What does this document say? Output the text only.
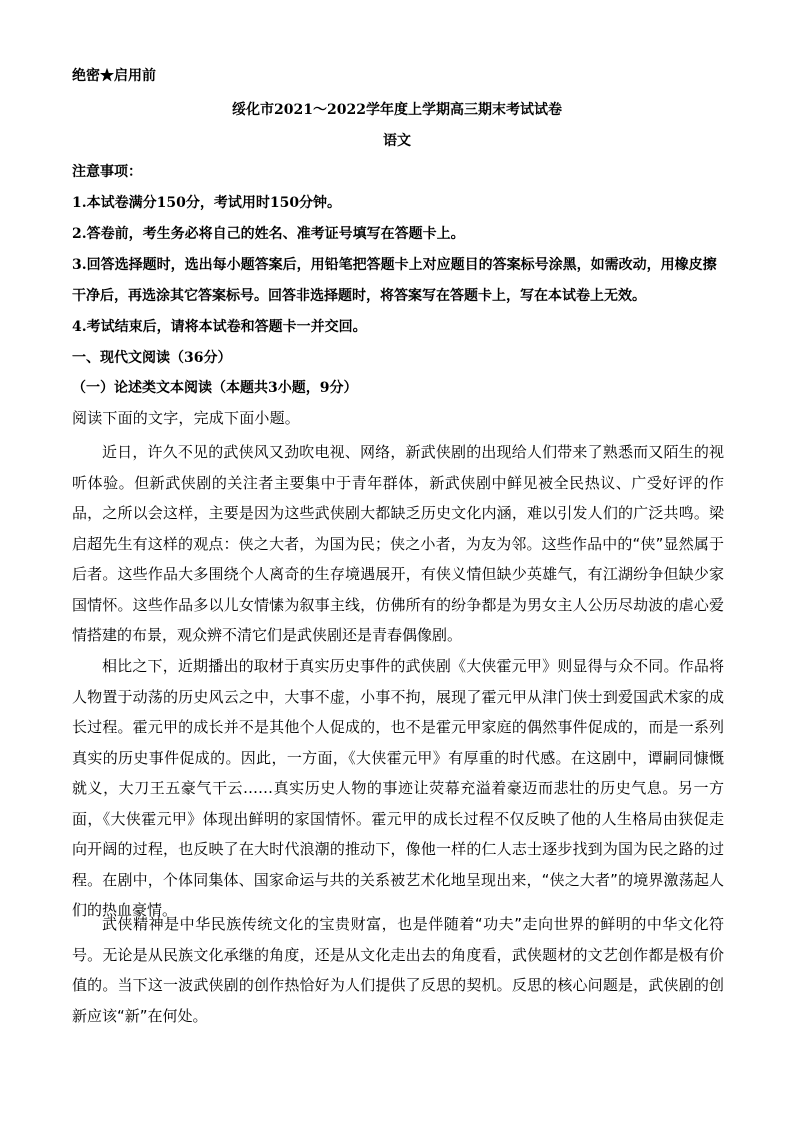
绝密★启用前
绥化市2021～2022学年度上学期高三期末考试试卷
语文
注意事项：
1.本试卷满分150分，考试用时150分钟。
2.答卷前，考生务必将自己的姓名、准考证号填写在答题卡上。
3.回答选择题时，选出每小题答案后，用铅笔把答题卡上对应题目的答案标号涂黑，如需改动，用橡皮擦
干净后，再选涂其它答案标号。回答非选择题时，将答案写在答题卡上，写在本试卷上无效。
4.考试结束后，请将本试卷和答题卡一并交回。
一、现代文阅读（36分）
（一）论述类文本阅读（本题共3小题，9分）
阅读下面的文字，完成下面小题。

近日，许久不见的武侠风又劲吹电视、网络，新武侠剧的出现给人们带来了熟悉而又陌生的视听体验。但新武侠剧的关注者主要集中于青年群体，新武侠剧中鲜见被全民热议、广受好评的作品，之所以会这样，主要是因为这些武侠剧大都缺乏历史文化内涵，难以引发人们的广泛共鸣。梁启超先生有这样的观点：侠之大者，为国为民；侠之小者，为友为邻。这些作品中的“侠”显然属于后者。这些作品大多围绕个人离奇的生存境遇展开，有侠义情但缺少英雄气，有江湖纷争但缺少家国情怀。这些作品多以儿女情愫为叙事主线，仿佛所有的纷争都是为男女主人公历尽劫波的虐心爱情搭建的布景，观众辨不清它们是武侠剧还是青春偶像剧。

相比之下，近期播出的取材于真实历史事件的武侠剧《大侠霍元甲》则显得与众不同。作品将人物置于动荡的历史风云之中，大事不虚，小事不拘，展现了霍元甲从津门侠士到爱国武术家的成长过程。霍元甲的成长并不是其他个人促成的，也不是霍元甲家庭的偶然事件促成的，而是一系列真实的历史事件促成的。因此，一方面，《大侠霍元甲》有厚重的时代感。在这剧中，谭嗣同慷慨就义，大刀王五豪气干云……真实历史人物的事迹让荧幕充溢着豪迈而悲壮的历史气息。另一方面，《大侠霍元甲》体现出鲜明的家国情怀。霍元甲的成长过程不仅反映了他的人生格局由狭促走向开阔的过程，也反映了在大时代浪潮的推动下，像他一样的仁人志士逐步找到为国为民之路的过程。在剧中，个体同集体、国家命运与共的关系被艺术化地呈现出来，“侠之大者”的境界激荡起人们的热血豪情。

武侠精神是中华民族传统文化的宝贵财富，也是伴随着“功夫”走向世界的鲜明的中华文化符号。无论是从民族文化承继的角度，还是从文化走出去的角度看，武侠题材的文艺创作都是极有价值的。当下这一波武侠剧的创作热恰好为人们提供了反思的契机。反思的核心问题是，武侠剧的创新应该“新”在何处。
